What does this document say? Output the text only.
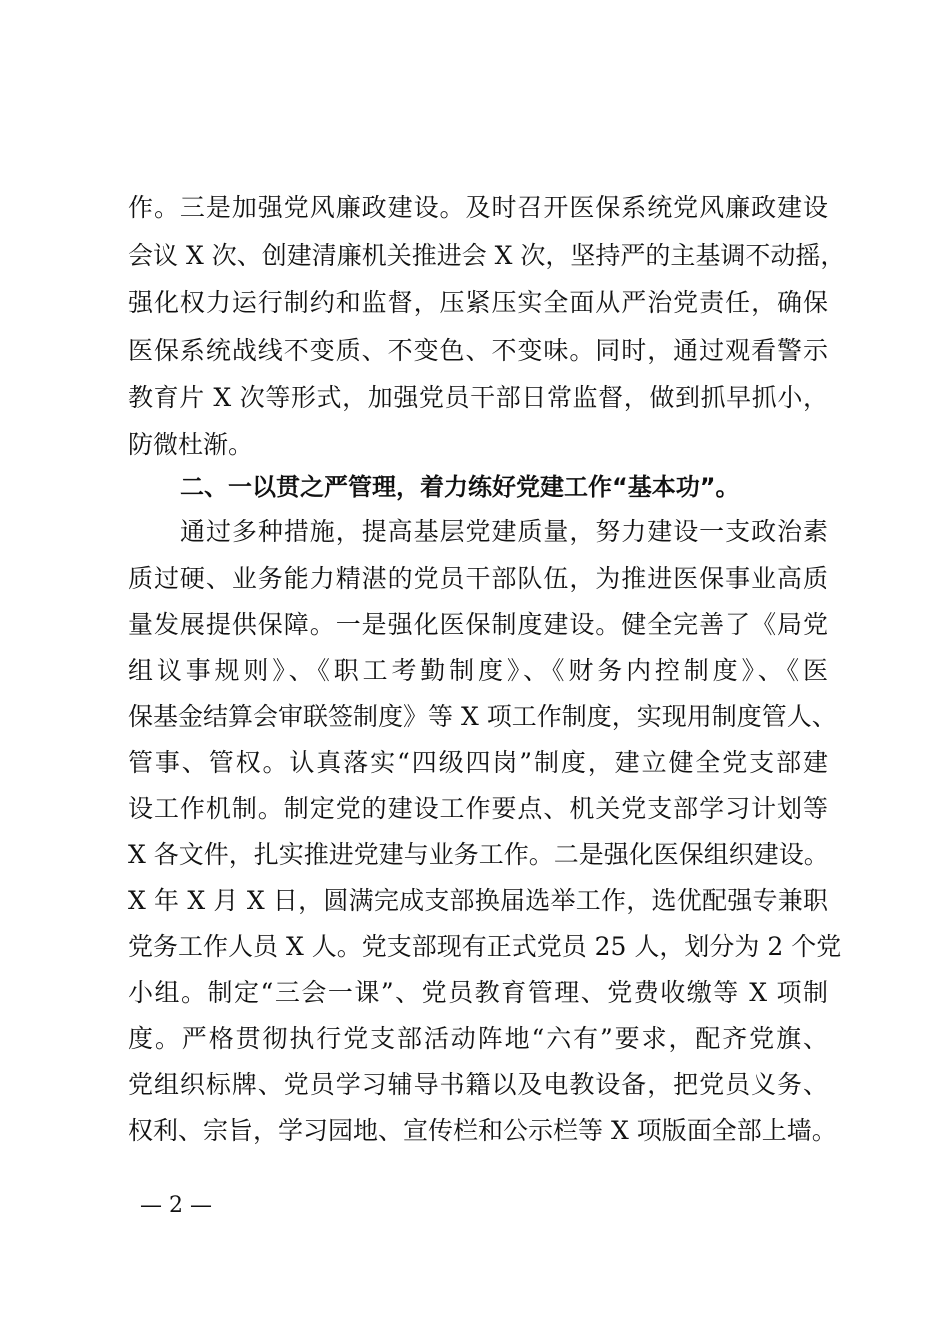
作。三是加强党风廉政建设。及时召开医保系统党风廉政建设
会议 X 次、创建清廉机关推进会 X 次，坚持严的主基调不动摇，
强化权力运行制约和监督，压紧压实全面从严治党责任，确保
医保系统战线不变质、不变色、不变味。同时，通过观看警示
教育片 X 次等形式，加强党员干部日常监督，做到抓早抓小，
防微杜渐。
二、一以贯之严管理，着力练好党建工作“基本功”。
通过多种措施，提高基层党建质量，努力建设一支政治素
质过硬、业务能力精湛的党员干部队伍，为推进医保事业高质
量发展提供保障。一是强化医保制度建设。健全完善了《局党
组议事规则》、《职工考勤制度》、《财务内控制度》、《医
保基金结算会审联签制度》等 X 项工作制度，实现用制度管人、
管事、管权。认真落实“四级四岗”制度，建立健全党支部建
设工作机制。制定党的建设工作要点、机关党支部学习计划等
X 各文件，扎实推进党建与业务工作。二是强化医保组织建设。
X 年 X 月 X 日，圆满完成支部换届选举工作，选优配强专兼职
党务工作人员 X 人。党支部现有正式党员 25 人，划分为 2 个党
小组。制定“三会一课”、党员教育管理、党费收缴等 X 项制
度。严格贯彻执行党支部活动阵地“六有”要求，配齐党旗、
党组织标牌、党员学习辅导书籍以及电教设备，把党员义务、
权利、宗旨，学习园地、宣传栏和公示栏等 X 项版面全部上墙。
— 2 —
